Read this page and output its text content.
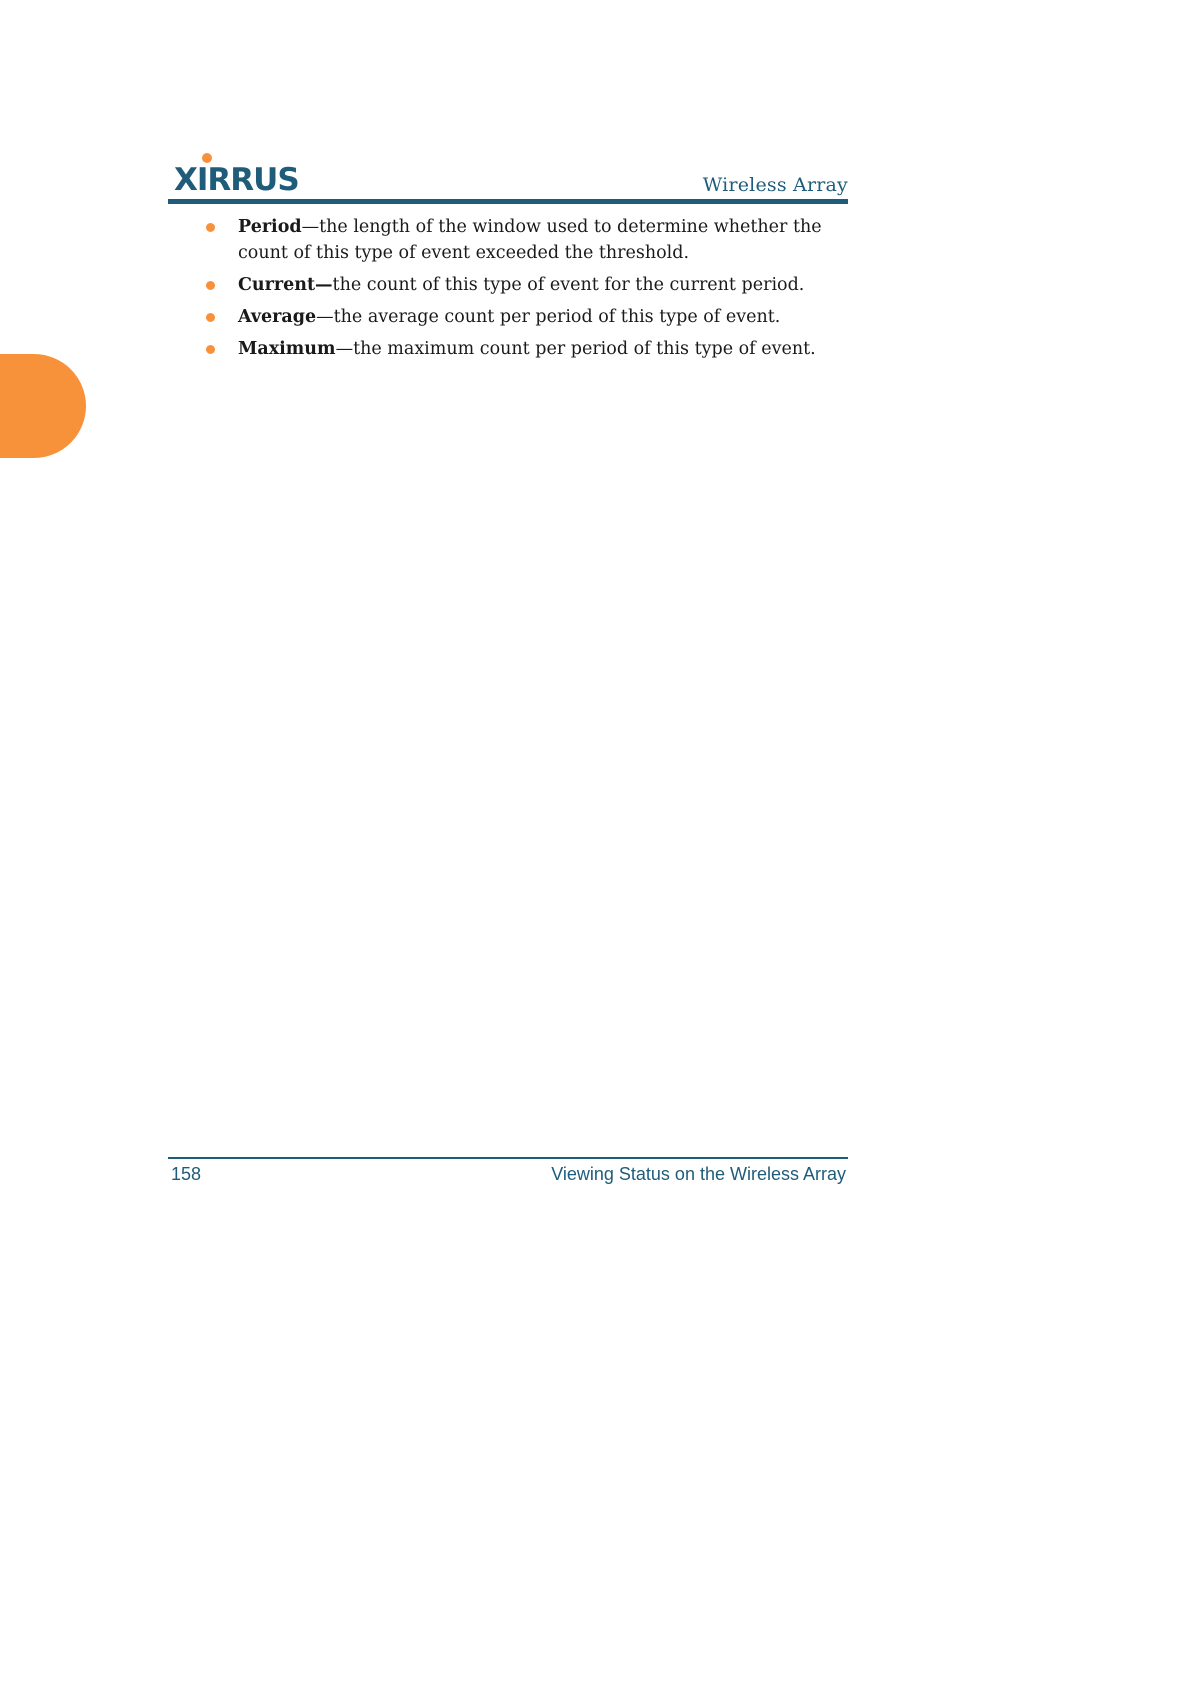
XIRRUS	Wireless Array
Period—the length of the window used to determine whether the count of this type of event exceeded the threshold.
Current—the count of this type of event for the current period.
Average—the average count per period of this type of event.
Maximum—the maximum count per period of this type of event.
158	Viewing Status on the Wireless Array
